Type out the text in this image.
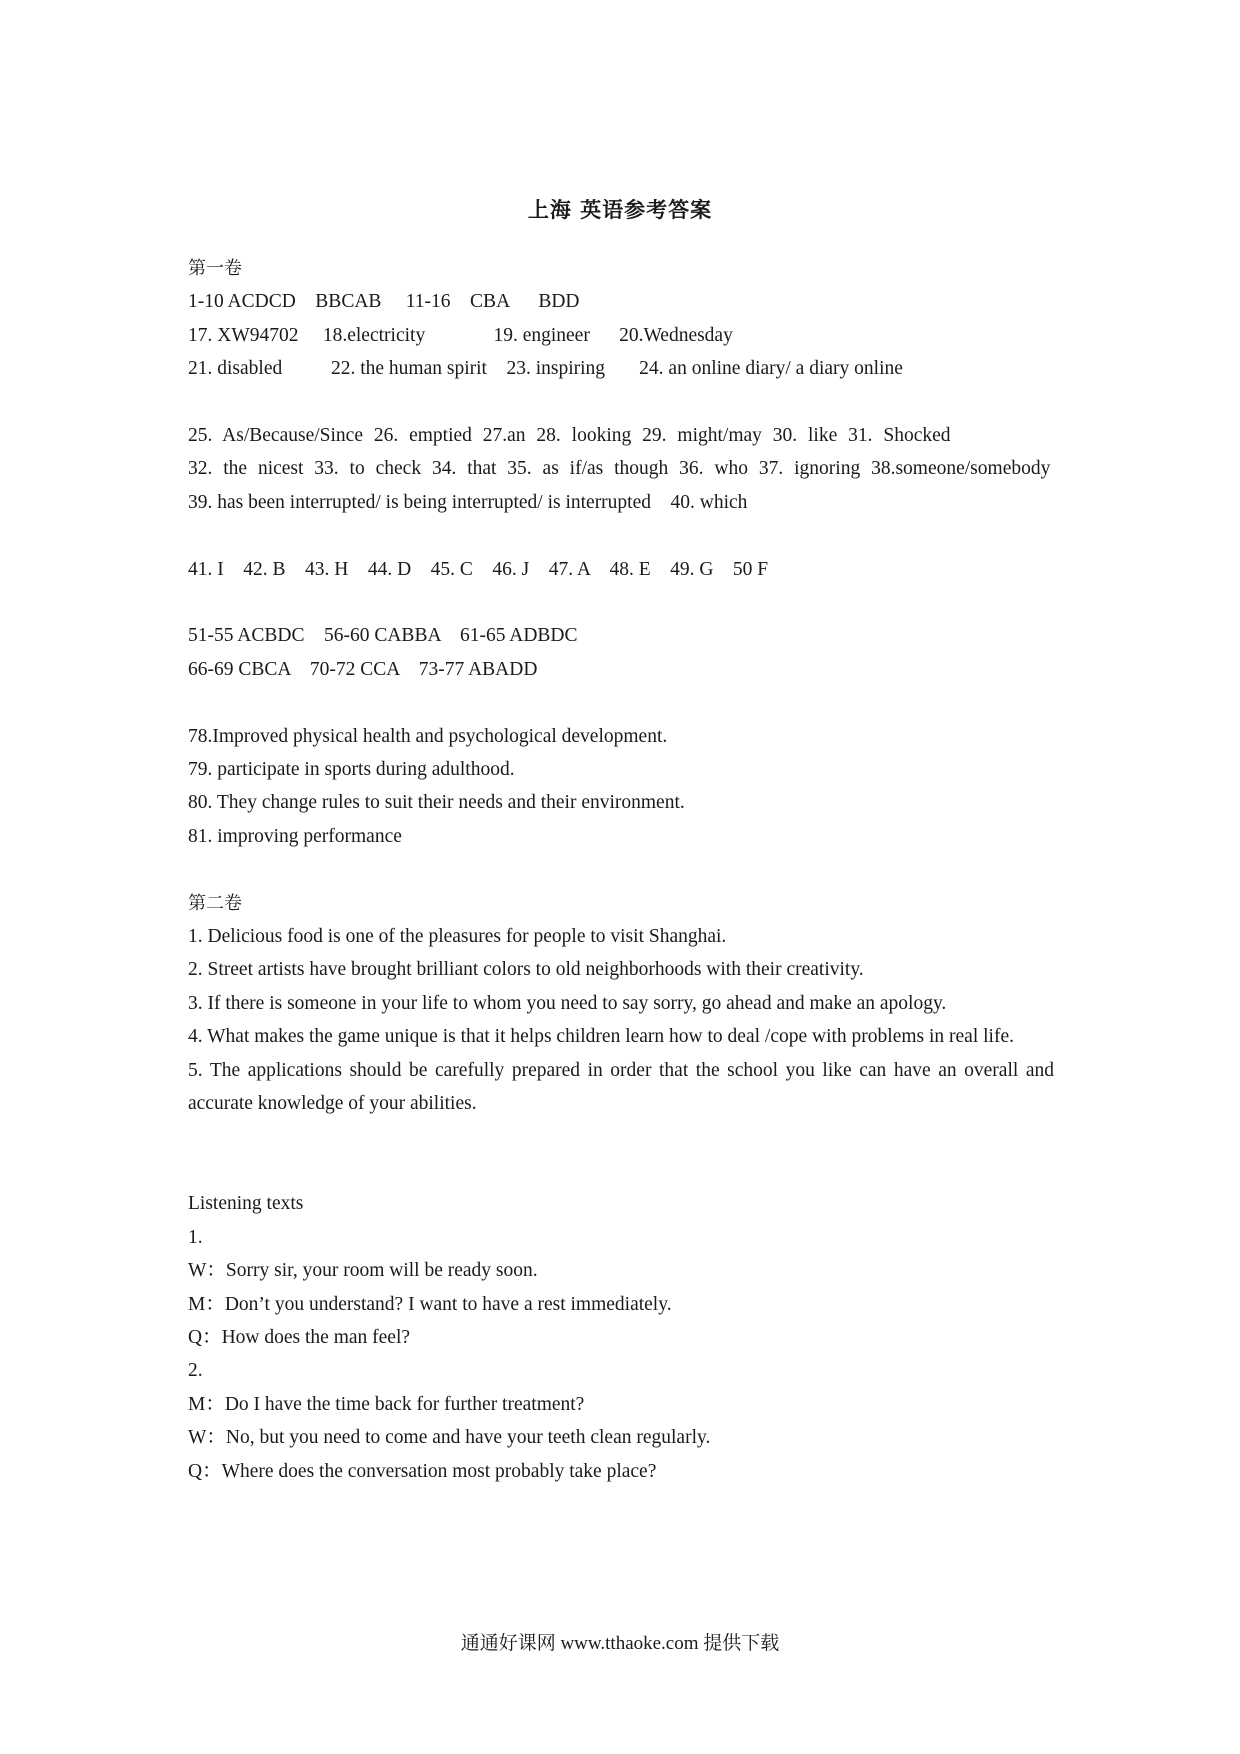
上海 英语参考答案
第一卷
1-10 ACDCD    BBCAB     11-16    CBA      BDD
17. XW94702     18.electricity              19. engineer      20.Wednesday
21. disabled          22. the human spirit    23. inspiring       24. an online diary/ a diary online
25. As/Because/Since 26. emptied 27.an 28. looking 29. might/may 30. like 31. Shocked
32. the nicest 33. to check 34. that 35. as if/as though 36. who 37. ignoring 38.someone/somebody
39. has been interrupted/ is being interrupted/ is interrupted    40. which
41. I    42. B    43. H    44. D    45. C    46. J    47. A    48. E    49. G    50 F
51-55 ACBDC    56-60 CABBA    61-65 ADBDC
66-69 CBCA    70-72 CCA    73-77 ABADD
78.Improved physical health and psychological development.
79. participate in sports during adulthood.
80. They change rules to suit their needs and their environment.
81. improving performance
第二卷
1. Delicious food is one of the pleasures for people to visit Shanghai.
2. Street artists have brought brilliant colors to old neighborhoods with their creativity.
3. If there is someone in your life to whom you need to say sorry, go ahead and make an apology.
4. What makes the game unique is that it helps children learn how to deal /cope with problems in real life.
5. The applications should be carefully prepared in order that the school you like can have an overall and accurate knowledge of your abilities.
Listening texts
1.
W：Sorry sir, your room will be ready soon.
M：Don’t you understand? I want to have a rest immediately.
Q：How does the man feel?
2.
M：Do I have the time back for further treatment?
W：No, but you need to come and have your teeth clean regularly.
Q：Where does the conversation most probably take place?
通通好课网 www.tthaoke.com 提供下载
